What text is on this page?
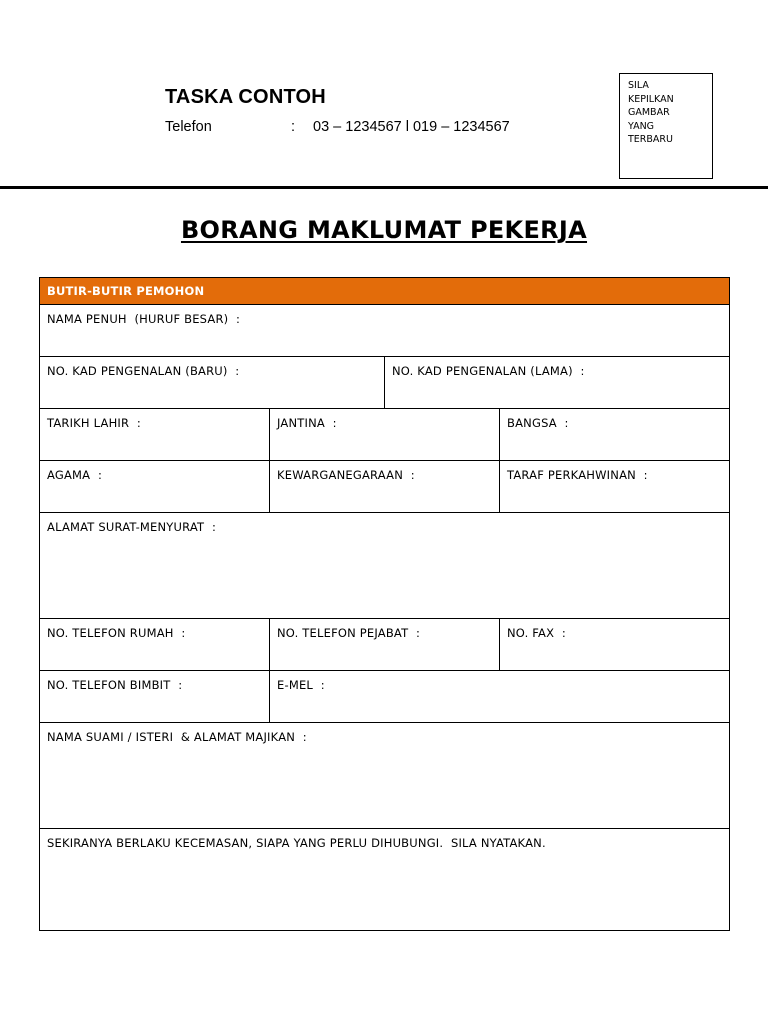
TASKA CONTOH
Telefon	: 03 – 1234567 l 019 – 1234567
SILA
KEPILKAN
GAMBAR
YANG
TERBARU
BORANG MAKLUMAT PEKERJA
BUTIR-BUTIR PEMOHON			

NAMA PENUH  (HURUF BESAR)  :			

NO. KAD PENGENALAN (BARU)  :		NO. KAD PENGENALAN (LAMA)  :	

TARIKH LAHIR  :	JANTINA  :		BANGSA  :

AGAMA  :	KEWARGANEGARAAN  :		TARAF PERKAHWINAN  :

ALAMAT SURAT-MENYURAT  :			

NO. TELEFON RUMAH  :	NO. TELEFON PEJABAT  :		NO. FAX  :

NO. TELEFON BIMBIT  :	E-MEL  :		

NAMA SUAMI / ISTERI  & ALAMAT MAJIKAN  :			

SEKIRANYA BERLAKU KECEMASAN, SIAPA YANG PERLU DIHUBUNGI.  SILA NYATAKAN.			
